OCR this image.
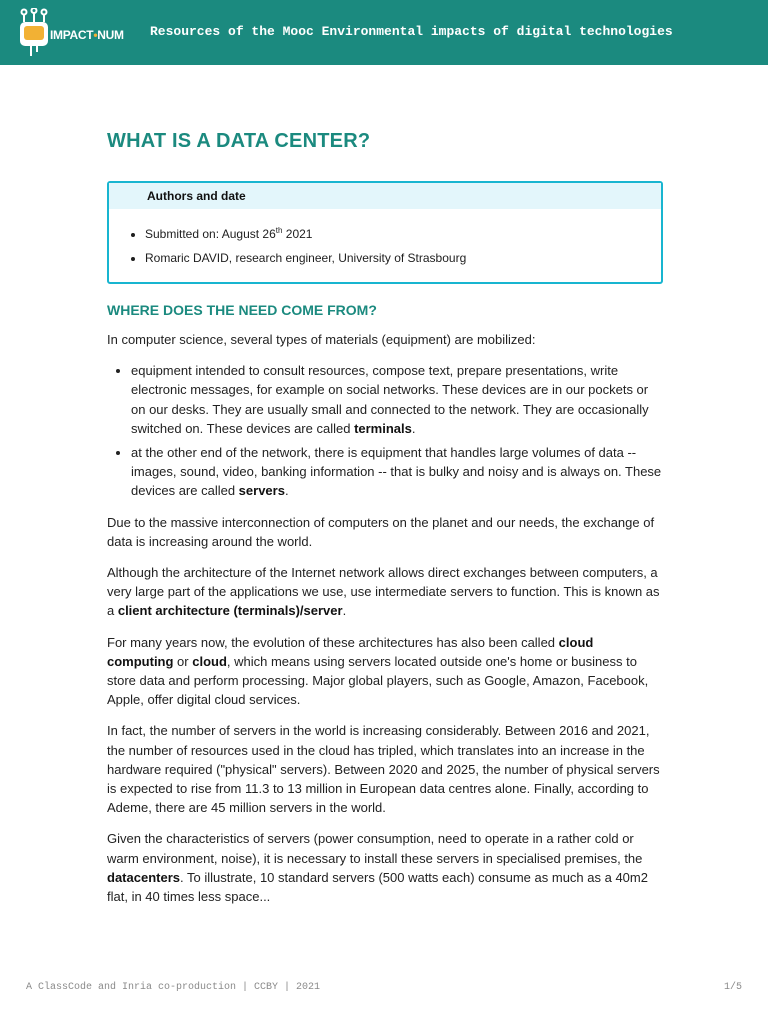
IMPACT•NUM Resources of the Mooc Environmental impacts of digital technologies
WHAT IS A DATA CENTER?
Authors and date
• Submitted on: August 26th 2021
• Romaric DAVID, research engineer, University of Strasbourg
WHERE DOES THE NEED COME FROM?

In computer science, several types of materials (equipment) are mobilized:

• equipment intended to consult resources, compose text, prepare presentations, write electronic messages, for example on social networks. These devices are in our pockets or on our desks. They are usually small and connected to the network. They are occasionally switched on. These devices are called terminals.
• at the other end of the network, there is equipment that handles large volumes of data -- images, sound, video, banking information -- that is bulky and noisy and is always on. These devices are called servers.

Due to the massive interconnection of computers on the planet and our needs, the exchange of data is increasing around the world.

Although the architecture of the Internet network allows direct exchanges between computers, a very large part of the applications we use, use intermediate servers to function. This is known as a client architecture (terminals)/server.

For many years now, the evolution of these architectures has also been called cloud computing or cloud, which means using servers located outside one's home or business to store data and perform processing. Major global players, such as Google, Amazon, Facebook, Apple, offer digital cloud services.

In fact, the number of servers in the world is increasing considerably. Between 2016 and 2021, the number of resources used in the cloud has tripled, which translates into an increase in the hardware required ("physical" servers). Between 2020 and 2025, the number of physical servers is expected to rise from 11.3 to 13 million in European data centres alone. Finally, according to Ademe, there are 45 million servers in the world.

Given the characteristics of servers (power consumption, need to operate in a rather cold or warm environment, noise), it is necessary to install these servers in specialised premises, the datacenters. To illustrate, 10 standard servers (500 watts each) consume as much as a 40m2 flat, in 40 times less space...

A ClassCode and Inria co-production | CCBY | 2021	1/5
